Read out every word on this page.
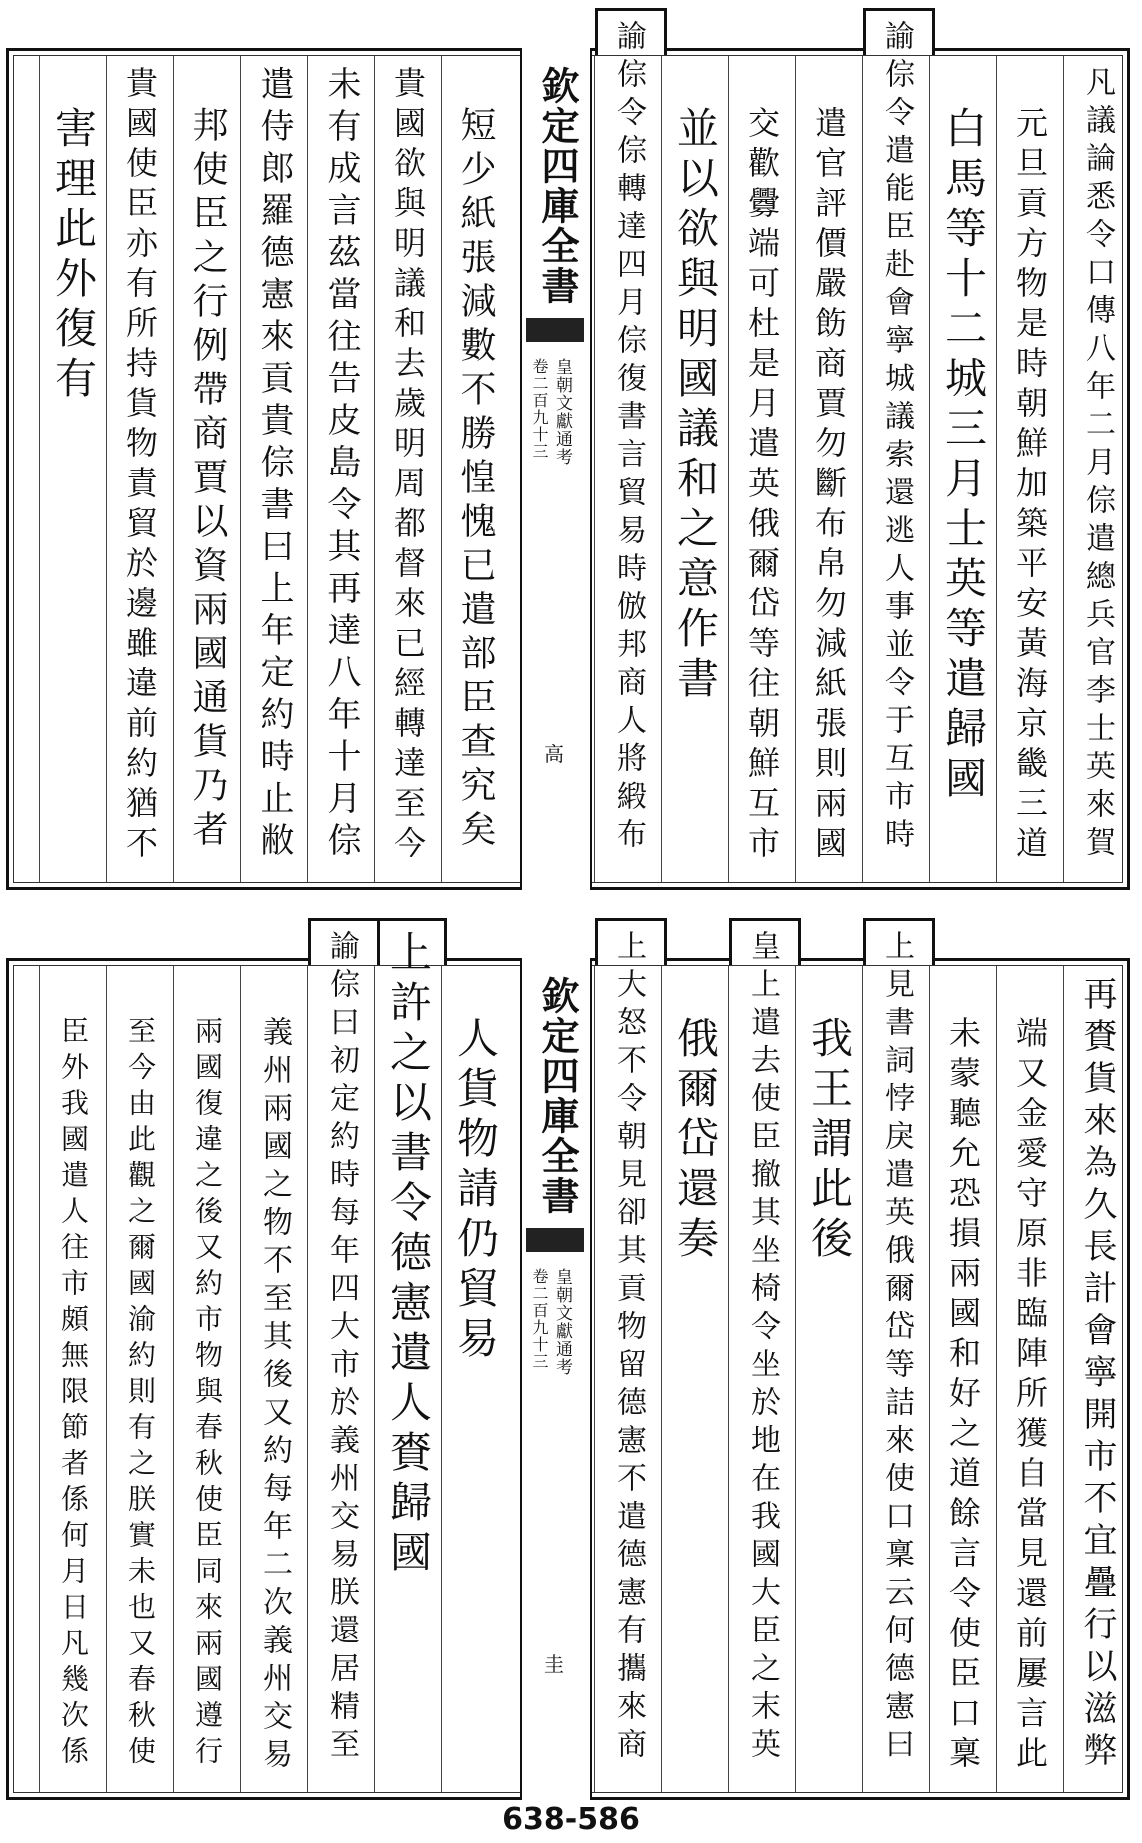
欽定四庫全書
皇朝文獻通考
卷二百九十三
高	凡議論悉令口傳八年二月倧遣總兵官李士英來賀
元旦貢方物是時朝鮮加築平安黃海京畿三道
白馬等十二城三月士英等遣歸國
諭倧令遣能臣赴會寧城議索還逃人事並令于互市時
遣官評價嚴飭商賈勿斷布帛勿減紙張則兩國
交歡釁端可杜是月遣英俄爾岱等往朝鮮互市
並以欲與明國議和之意作書
諭倧令倧轉達四月倧復書言貿易時倣邦商人將緞布
短少紙張減數不勝惶愧已遣部臣查究矣
貴國欲與明議和去歲明周都督來已經轉達至今
未有成言茲當往告皮島令其再達八年十月倧
遣侍郎羅德憲來貢貴倧書曰上年定約時止敝
邦使臣之行例帶商賈以資兩國通貨乃者
貴國使臣亦有所持貨物責貿於邊雖違前約猶不
害理此外復有
欽定四庫全書
皇朝文獻通考
卷二百九十三
圭	再賚貨來為久長計會寧開市不宜疊行以滋弊
端又金愛守原非臨陣所獲自當見還前屢言此
未蒙聽允恐損兩國和好之道餘言令使臣口稟
上見書詞悖戾遣英俄爾岱等詰來使口稟云何德憲曰
我王謂此後
皇上遣去使臣撤其坐椅令坐於地在我國大臣之末英
俄爾岱還奏
上大怒不令朝見卻其貢物留德憲不遣德憲有攜來商
人貨物請仍貿易
上許之以書令德憲遺人賚歸國
諭倧曰初定約時每年四大市於義州交易朕還居精至
義州兩國之物不至其後又約每年二次義州交易
兩國復違之後又約市物與春秋使臣同來兩國遵行
至今由此觀之爾國渝約則有之朕實未也又春秋使
臣外我國遣人往市頗無限節者係何月日凡幾次係
638-586
